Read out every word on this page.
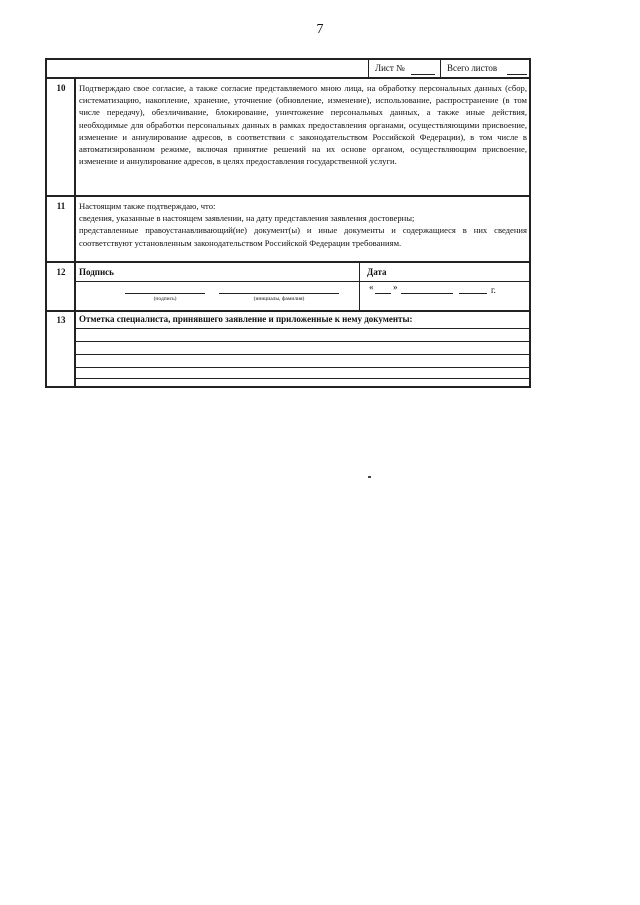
7
Лист №	Всего листов
10	Подтверждаю свое согласие, а также согласие представляемого мною лица, на обработку персональных данных (сбор, систематизацию, накопление, хранение, уточнение (обновление, изменение), использование, распространение (в том числе передачу), обезличивание, блокирование, уничтожение персональных данных, а также иные действия, необходимые для обработки персональных данных в рамках предоставления органами, осуществляющими присвоение, изменение и аннулирование адресов, в соответствии с законодательством Российской Федерации), в том числе в автоматизированном режиме, включая принятие решений на их основе органом, осуществляющим присвоение, изменение и аннулирование адресов, в целях предоставления государственной услуги.
11	Настоящим также подтверждаю, что:
сведения, указанные в настоящем заявлении, на дату представления заявления достоверны;
представленные правоустанавливающий(ие) документ(ы) и иные документы и содержащиеся в них сведения соответствуют установленным законодательством Российской Федерации требованиям.
12	Подпись	Дата
(подпись)	(инициалы, фамилия)
« »	г.
13	Отметка специалиста, принявшего заявление и приложенные к нему документы:
